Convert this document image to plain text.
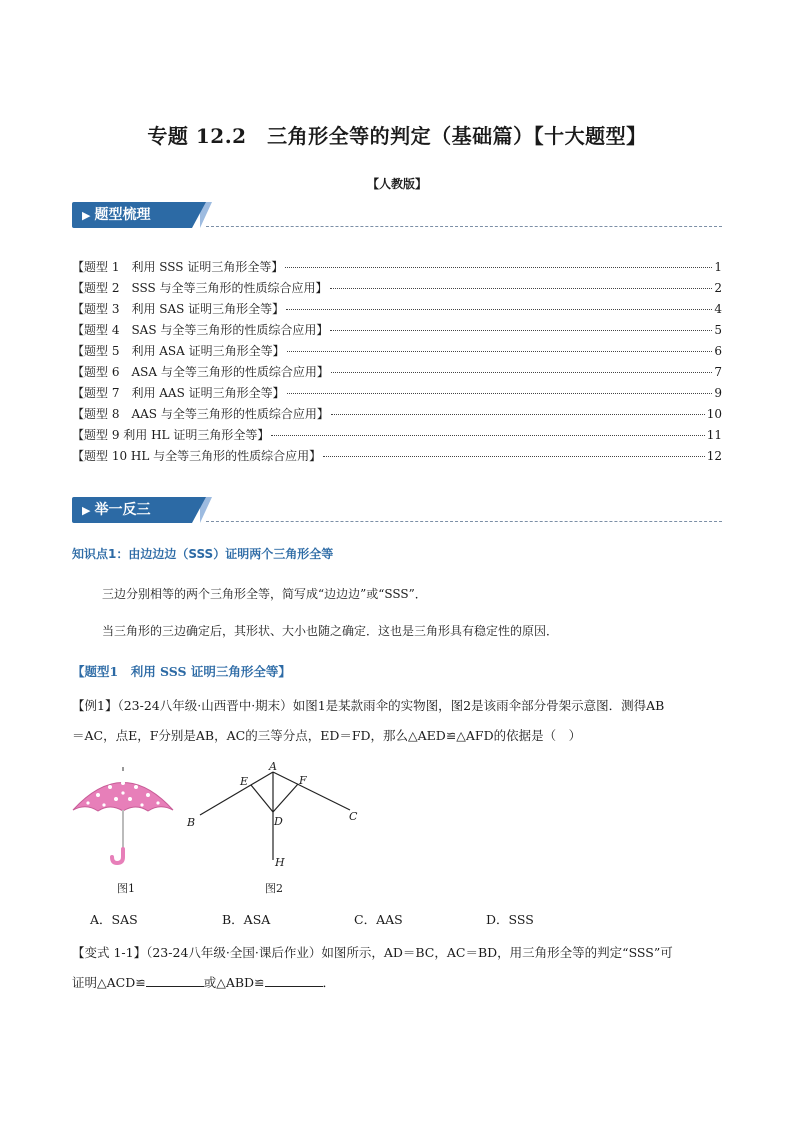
专题 12.2　三角形全等的判定（基础篇）【十大题型】
【人教版】
▶ 题型梳理
【题型 1　利用 SSS 证明三角形全等】	1
【题型 2　SSS 与全等三角形的性质综合应用】	2
【题型 3　利用 SAS 证明三角形全等】	4
【题型 4　SAS 与全等三角形的性质综合应用】	5
【题型 5　利用 ASA 证明三角形全等】	6
【题型 6　ASA 与全等三角形的性质综合应用】	7
【题型 7　利用 AAS 证明三角形全等】	9
【题型 8　AAS 与全等三角形的性质综合应用】	10
【题型 9 利用 HL 证明三角形全等】	11
【题型 10 HL 与全等三角形的性质综合应用】	12
▶ 举一反三
知识点1：由边边边（SSS）证明两个三角形全等
三边分别相等的两个三角形全等，简写成“边边边”或“SSS”．
当三角形的三边确定后，其形状、大小也随之确定．这也是三角形具有稳定性的原因．
【题型1　利用 SSS 证明三角形全等】
【例1】（23-24八年级·山西晋中·期末）如图1是某款雨伞的实物图，图2是该雨伞部分骨架示意图．测得AB
＝AC，点E，F分别是AB，AC的三等分点，ED＝FD，那么△AED≌△AFD的依据是（　）
图1
A
B	C
D
E	F
H
图2
A．SAS	B．ASA	C．AAS	D．SSS
【变式 1-1】（23-24八年级·全国·课后作业）如图所示，AD＝BC，AC＝BD，用三角形全等的判定“SSS”可
证明△ACD≌	或△ABD≌	．
